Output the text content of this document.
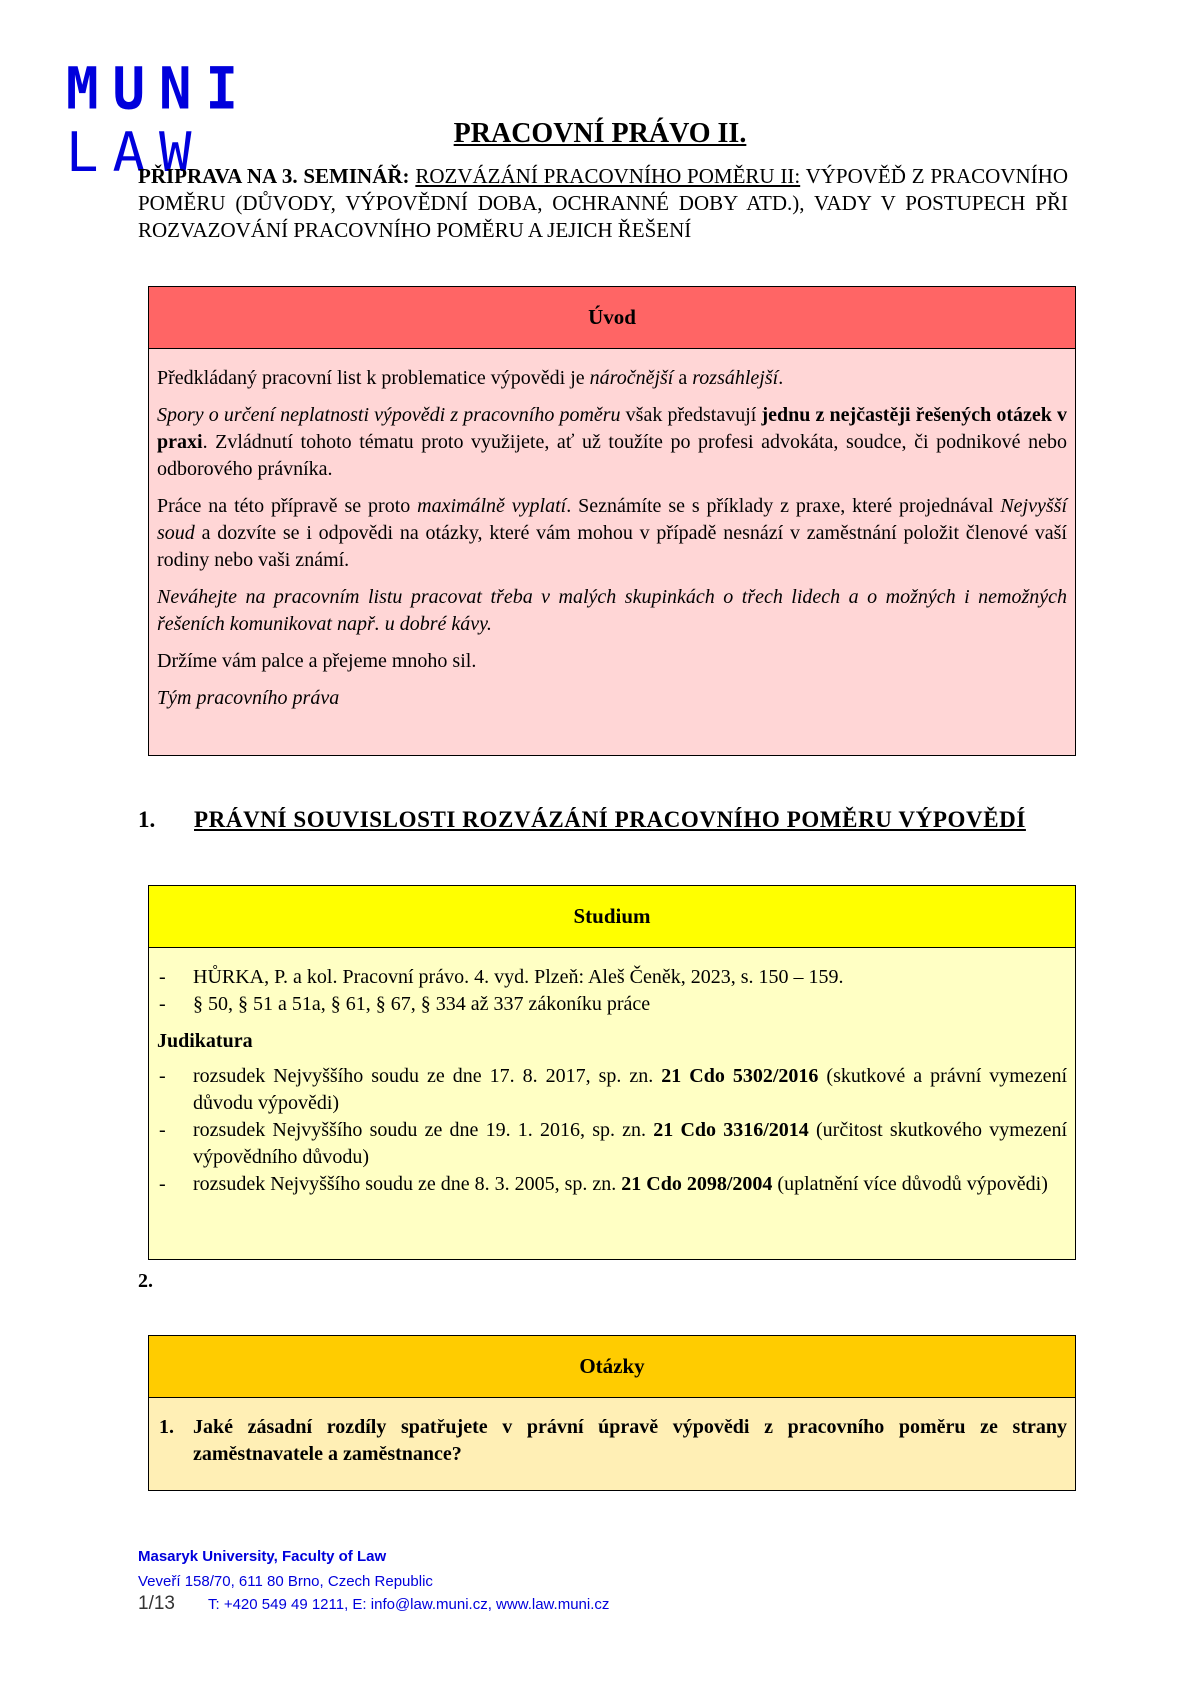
MUNI
LAW	PRACOVNÍ PRÁVO II.

PŘIPRAVA NA 3. SEMINÁŘ: ROZVÁZÁNÍ PRACOVNÍHO POMĚRU II: VÝPOVĚĎ Z PRACOVNÍHO POMĚRU (DŮVODY, VÝPOVĚDNÍ DOBA, OCHRANNÉ DOBY ATD.), VADY V POSTUPECH PŘI ROZVAZOVÁNÍ PRACOVNÍHO POMĚRU A JEJICH ŘEŠENÍ

Úvod

Předkládaný pracovní list k problematice výpovědi je náročnější a rozsáhlejší.

Spory o určení neplatnosti výpovědi z pracovního poměru však představují jednu z nejčastěji řešených otázek v praxi. Zvládnutí tohoto tématu proto využijete, ať už toužíte po profesi advokáta, soudce, či podnikové nebo odborového právníka.

Práce na této přípravě se proto maximálně vyplatí. Seznámíte se s příklady z praxe, které projednával Nejvyšší soud a dozvíte se i odpovědi na otázky, které vám mohou v případě nesnází v zaměstnání položit členové vaší rodiny nebo vaši známí.

Neváhejte na pracovním listu pracovat třeba v malých skupinkách o třech lidech a o možných i nemožných řešeních komunikovat např. u dobré kávy.

Držíme vám palce a přejeme mnoho sil.

Tým pracovního práva

1.	PRÁVNÍ SOUVISLOSTI ROZVÁZÁNÍ PRACOVNÍHO POMĚRU VÝPOVĚDÍ
Studium
- HŮRKA, P. a kol. Pracovní právo. 4. vyd. Plzeň: Aleš Čeněk, 2023, s. 150 – 159.
- § 50, § 51 a 51a, § 61, § 67, § 334 až 337 zákoníku práce
Judikatura
- rozsudek Nejvyššího soudu ze dne 17. 8. 2017, sp. zn. 21 Cdo 5302/2016 (skutkové a právní vymezení důvodu výpovědi)
- rozsudek Nejvyššího soudu ze dne 19. 1. 2016, sp. zn. 21 Cdo 3316/2014 (určitost skutkového vymezení výpovědního důvodu)
- rozsudek Nejvyššího soudu ze dne 8. 3. 2005, sp. zn. 21 Cdo 2098/2004 (uplatnění více důvodů výpovědi)

2.

Otázky
1. Jaké zásadní rozdíly spatřujete v právní úpravě výpovědi z pracovního poměru ze strany zaměstnavatele a zaměstnance?
Masaryk University, Faculty of Law
Veveří 158/70, 611 80 Brno, Czech Republic
1/13 T: +420 549 49 1211, E: info@law.muni.cz, www.law.muni.cz
